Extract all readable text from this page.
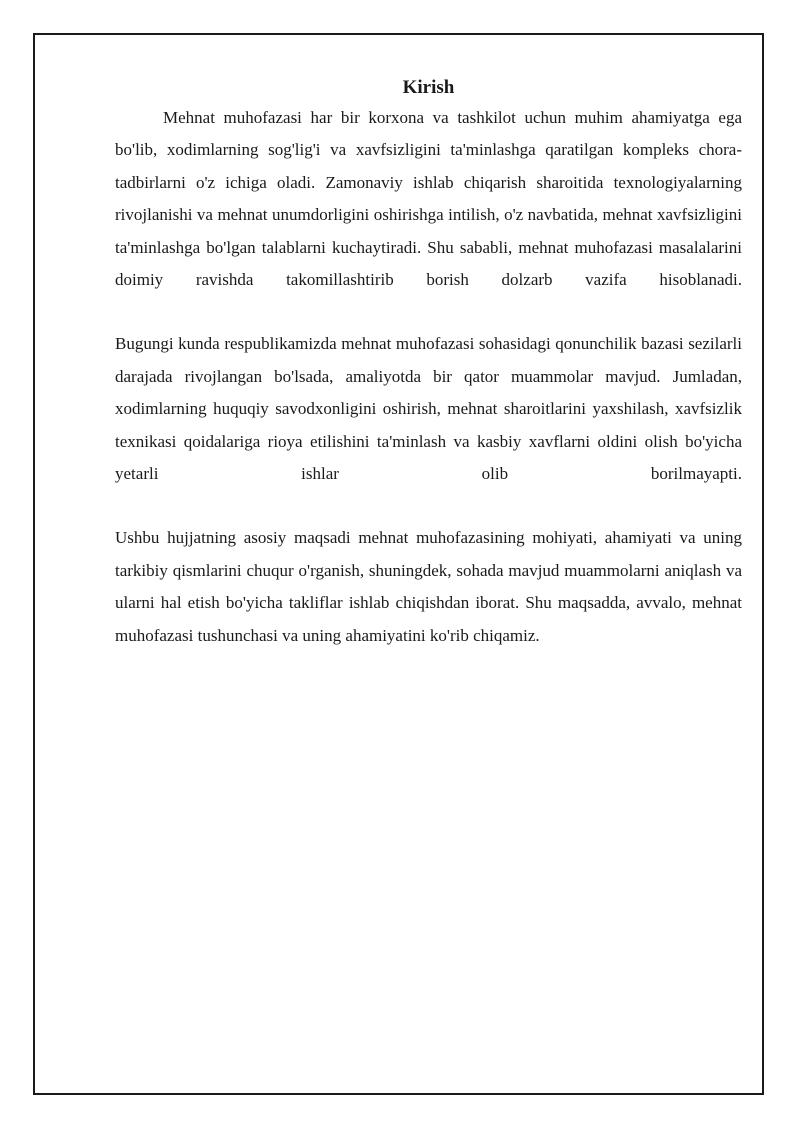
Kirish

Mehnat muhofazasi har bir korxona va tashkilot uchun muhim ahamiyatga ega bo'lib, xodimlarning sog'lig'i va xavfsizligini ta'minlashga qaratilgan kompleks chora-tadbirlarni o'z ichiga oladi. Zamonaviy ishlab chiqarish sharoitida texnologiyalarning rivojlanishi va mehnat unumdorligini oshirishga intilish, o'z navbatida, mehnat xavfsizligini ta'minlashga bo'lgan talablarni kuchaytiradi. Shu sababli, mehnat muhofazasi masalalarini doimiy ravishda takomillashtirib borish dolzarb vazifa hisoblanadi.

Bugungi kunda respublikamizda mehnat muhofazasi sohasidagi qonunchilik bazasi sezilarli darajada rivojlangan bo'lsada, amaliyotda bir qator muammolar mavjud. Jumladan, xodimlarning huquqiy savodxonligini oshirish, mehnat sharoitlarini yaxshilash, xavfsizlik texnikasi qoidalariga rioya etilishini ta'minlash va kasbiy xavflarni oldini olish bo'yicha yetarli ishlar olib borilmayapti.

Ushbu hujjatning asosiy maqsadi mehnat muhofazasining mohiyati, ahamiyati va uning tarkibiy qismlarini chuqur o'rganish, shuningdek, sohada mavjud muammolarni aniqlash va ularni hal etish bo'yicha takliflar ishlab chiqishdan iborat. Shu maqsadda, avvalo, mehnat muhofazasi tushunchasi va uning ahamiyatini ko'rib chiqamiz.
